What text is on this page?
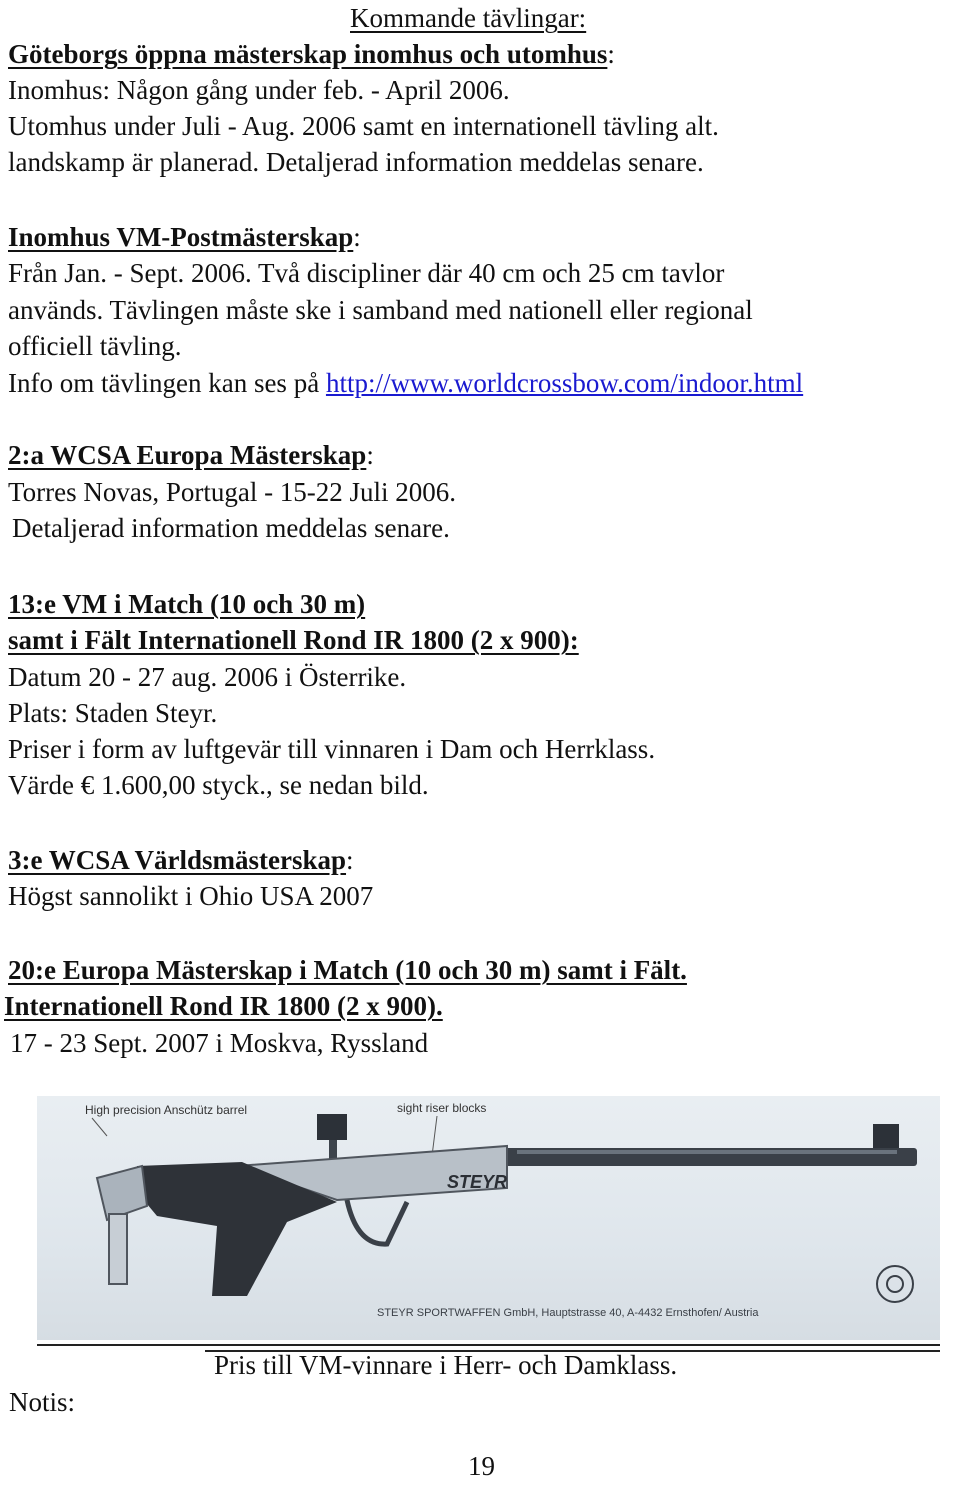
Kommande tävlingar:
Göteborgs öppna mästerskap inomhus och utomhus:
Inomhus: Någon gång under feb. - April 2006.
Utomhus under Juli - Aug. 2006 samt en internationell tävling alt.
landskamp är planerad. Detaljerad information meddelas senare.
Inomhus VM-Postmästerskap:
Från Jan. - Sept. 2006. Två discipliner där 40 cm och 25 cm tavlor
används. Tävlingen måste ske i samband med nationell eller regional
officiell tävling.
Info om tävlingen kan ses på http://www.worldcrossbow.com/indoor.html
2:a WCSA Europa Mästerskap:
Torres Novas, Portugal - 15-22 Juli 2006.
Detaljerad information meddelas senare.
13:e VM i Match (10 och 30 m)
samt i Fält Internationell Rond IR 1800 (2 x 900):
Datum 20 - 27 aug. 2006 i Österrike.
Plats: Staden Steyr.
Priser i form av luftgevär till vinnaren i Dam och Herrklass.
Värde € 1.600,00 styck., se nedan bild.
3:e WCSA Världsmästerskap:
Högst sannolikt i Ohio USA 2007
20:e Europa Mästerskap i Match (10 och 30 m) samt i Fält.
Internationell Rond IR 1800 (2 x 900).
17 - 23 Sept. 2007 i Moskva, Ryssland
High precision Anschütz barrel	sight riser blocks
STEYR
STEYR SPORTWAFFEN GmbH, Hauptstrasse 40, A-4432 Ernsthofen/ Austria
Pris till VM-vinnare i Herr- och Damklass.
Notis:
19
